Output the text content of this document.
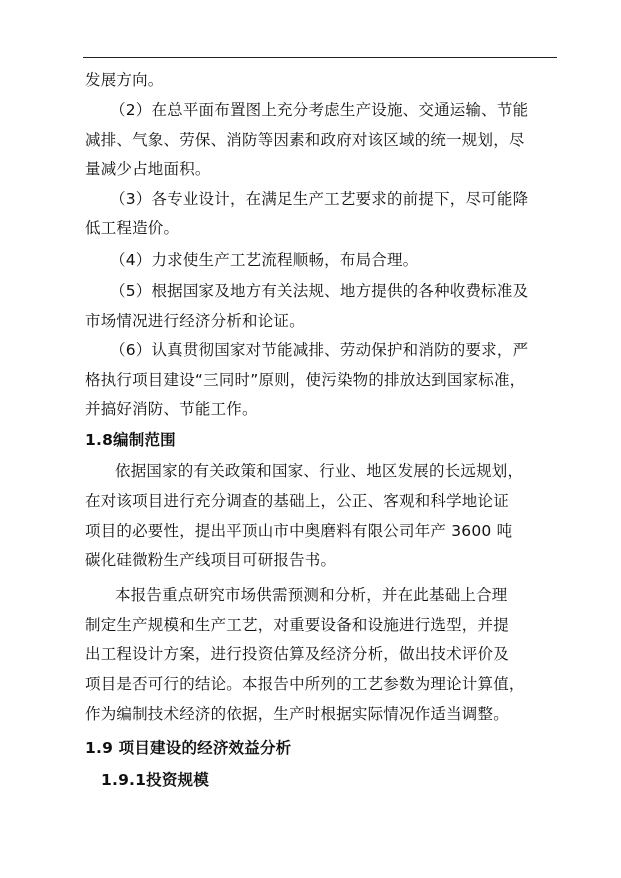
发展方向。
（2）在总平面布置图上充分考虑生产设施、交通运输、节能
减排、气象、劳保、消防等因素和政府对该区域的统一规划，尽
量减少占地面积。
（3）各专业设计，在满足生产工艺要求的前提下，尽可能降
低工程造价。
（4）力求使生产工艺流程顺畅，布局合理。
（5）根据国家及地方有关法规、地方提供的各种收费标准及
市场情况进行经济分析和论证。
（6）认真贯彻国家对节能减排、劳动保护和消防的要求，严
格执行项目建设“三同时”原则，使污染物的排放达到国家标准，
并搞好消防、节能工作。
1.8编制范围
依据国家的有关政策和国家、行业、地区发展的长远规划，
在对该项目进行充分调查的基础上，公正、客观和科学地论证
项目的必要性，提出平顶山市中奥磨料有限公司年产 3600 吨
碳化硅微粉生产线项目可研报告书。
本报告重点研究市场供需预测和分析，并在此基础上合理
制定生产规模和生产工艺，对重要设备和设施进行选型，并提
出工程设计方案，进行投资估算及经济分析，做出技术评价及
项目是否可行的结论。本报告中所列的工艺参数为理论计算值，
作为编制技术经济的依据，生产时根据实际情况作适当调整。
1.9 项目建设的经济效益分析
1.9.1投资规模
